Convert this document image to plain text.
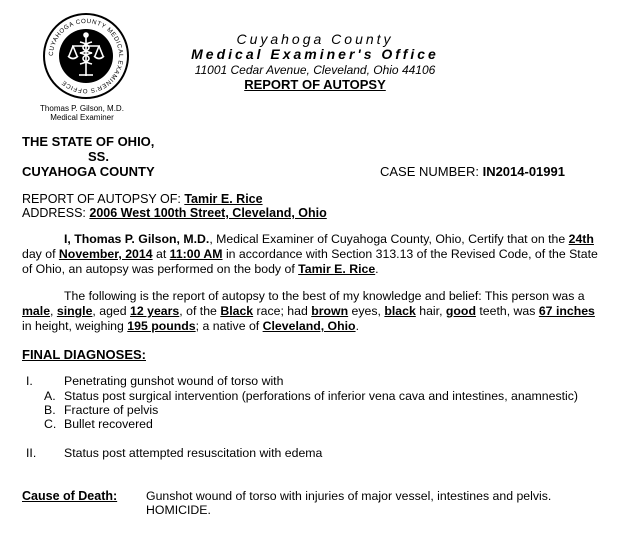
CUYAHOGA COUNTY MEDICAL EXAMINER'S OFFICE
Cuyahoga County
Medical Examiner's Office
11001 Cedar Avenue, Cleveland, Ohio 44106
REPORT OF AUTOPSY
Thomas P. Gilson, M.D.
Medical Examiner
THE STATE OF OHIO,
SS.
CUYAHOGA COUNTY	CASE NUMBER: IN2014-01991
REPORT OF AUTOPSY OF: Tamir E. Rice
ADDRESS: 2006 West 100th Street, Cleveland, Ohio
I, Thomas P. Gilson, M.D., Medical Examiner of Cuyahoga County, Ohio, Certify that on the 24th day of November, 2014 at 11:00 AM in accordance with Section 313.13 of the Revised Code, of the State of Ohio, an autopsy was performed on the body of Tamir E. Rice.
The following is the report of autopsy to the best of my knowledge and belief: This person was a male, single, aged 12 years, of the Black race; had brown eyes, black hair, good teeth, was 67 inches in height, weighing 195 pounds; a native of Cleveland, Ohio.
FINAL DIAGNOSES:
I.	Penetrating gunshot wound of torso with
A. Status post surgical intervention (perforations of inferior vena cava and intestines, anamnestic)
B. Fracture of pelvis
C. Bullet recovered
II. Status post attempted resuscitation with edema
Cause of Death: Gunshot wound of torso with injuries of major vessel, intestines and pelvis.
HOMICIDE.
